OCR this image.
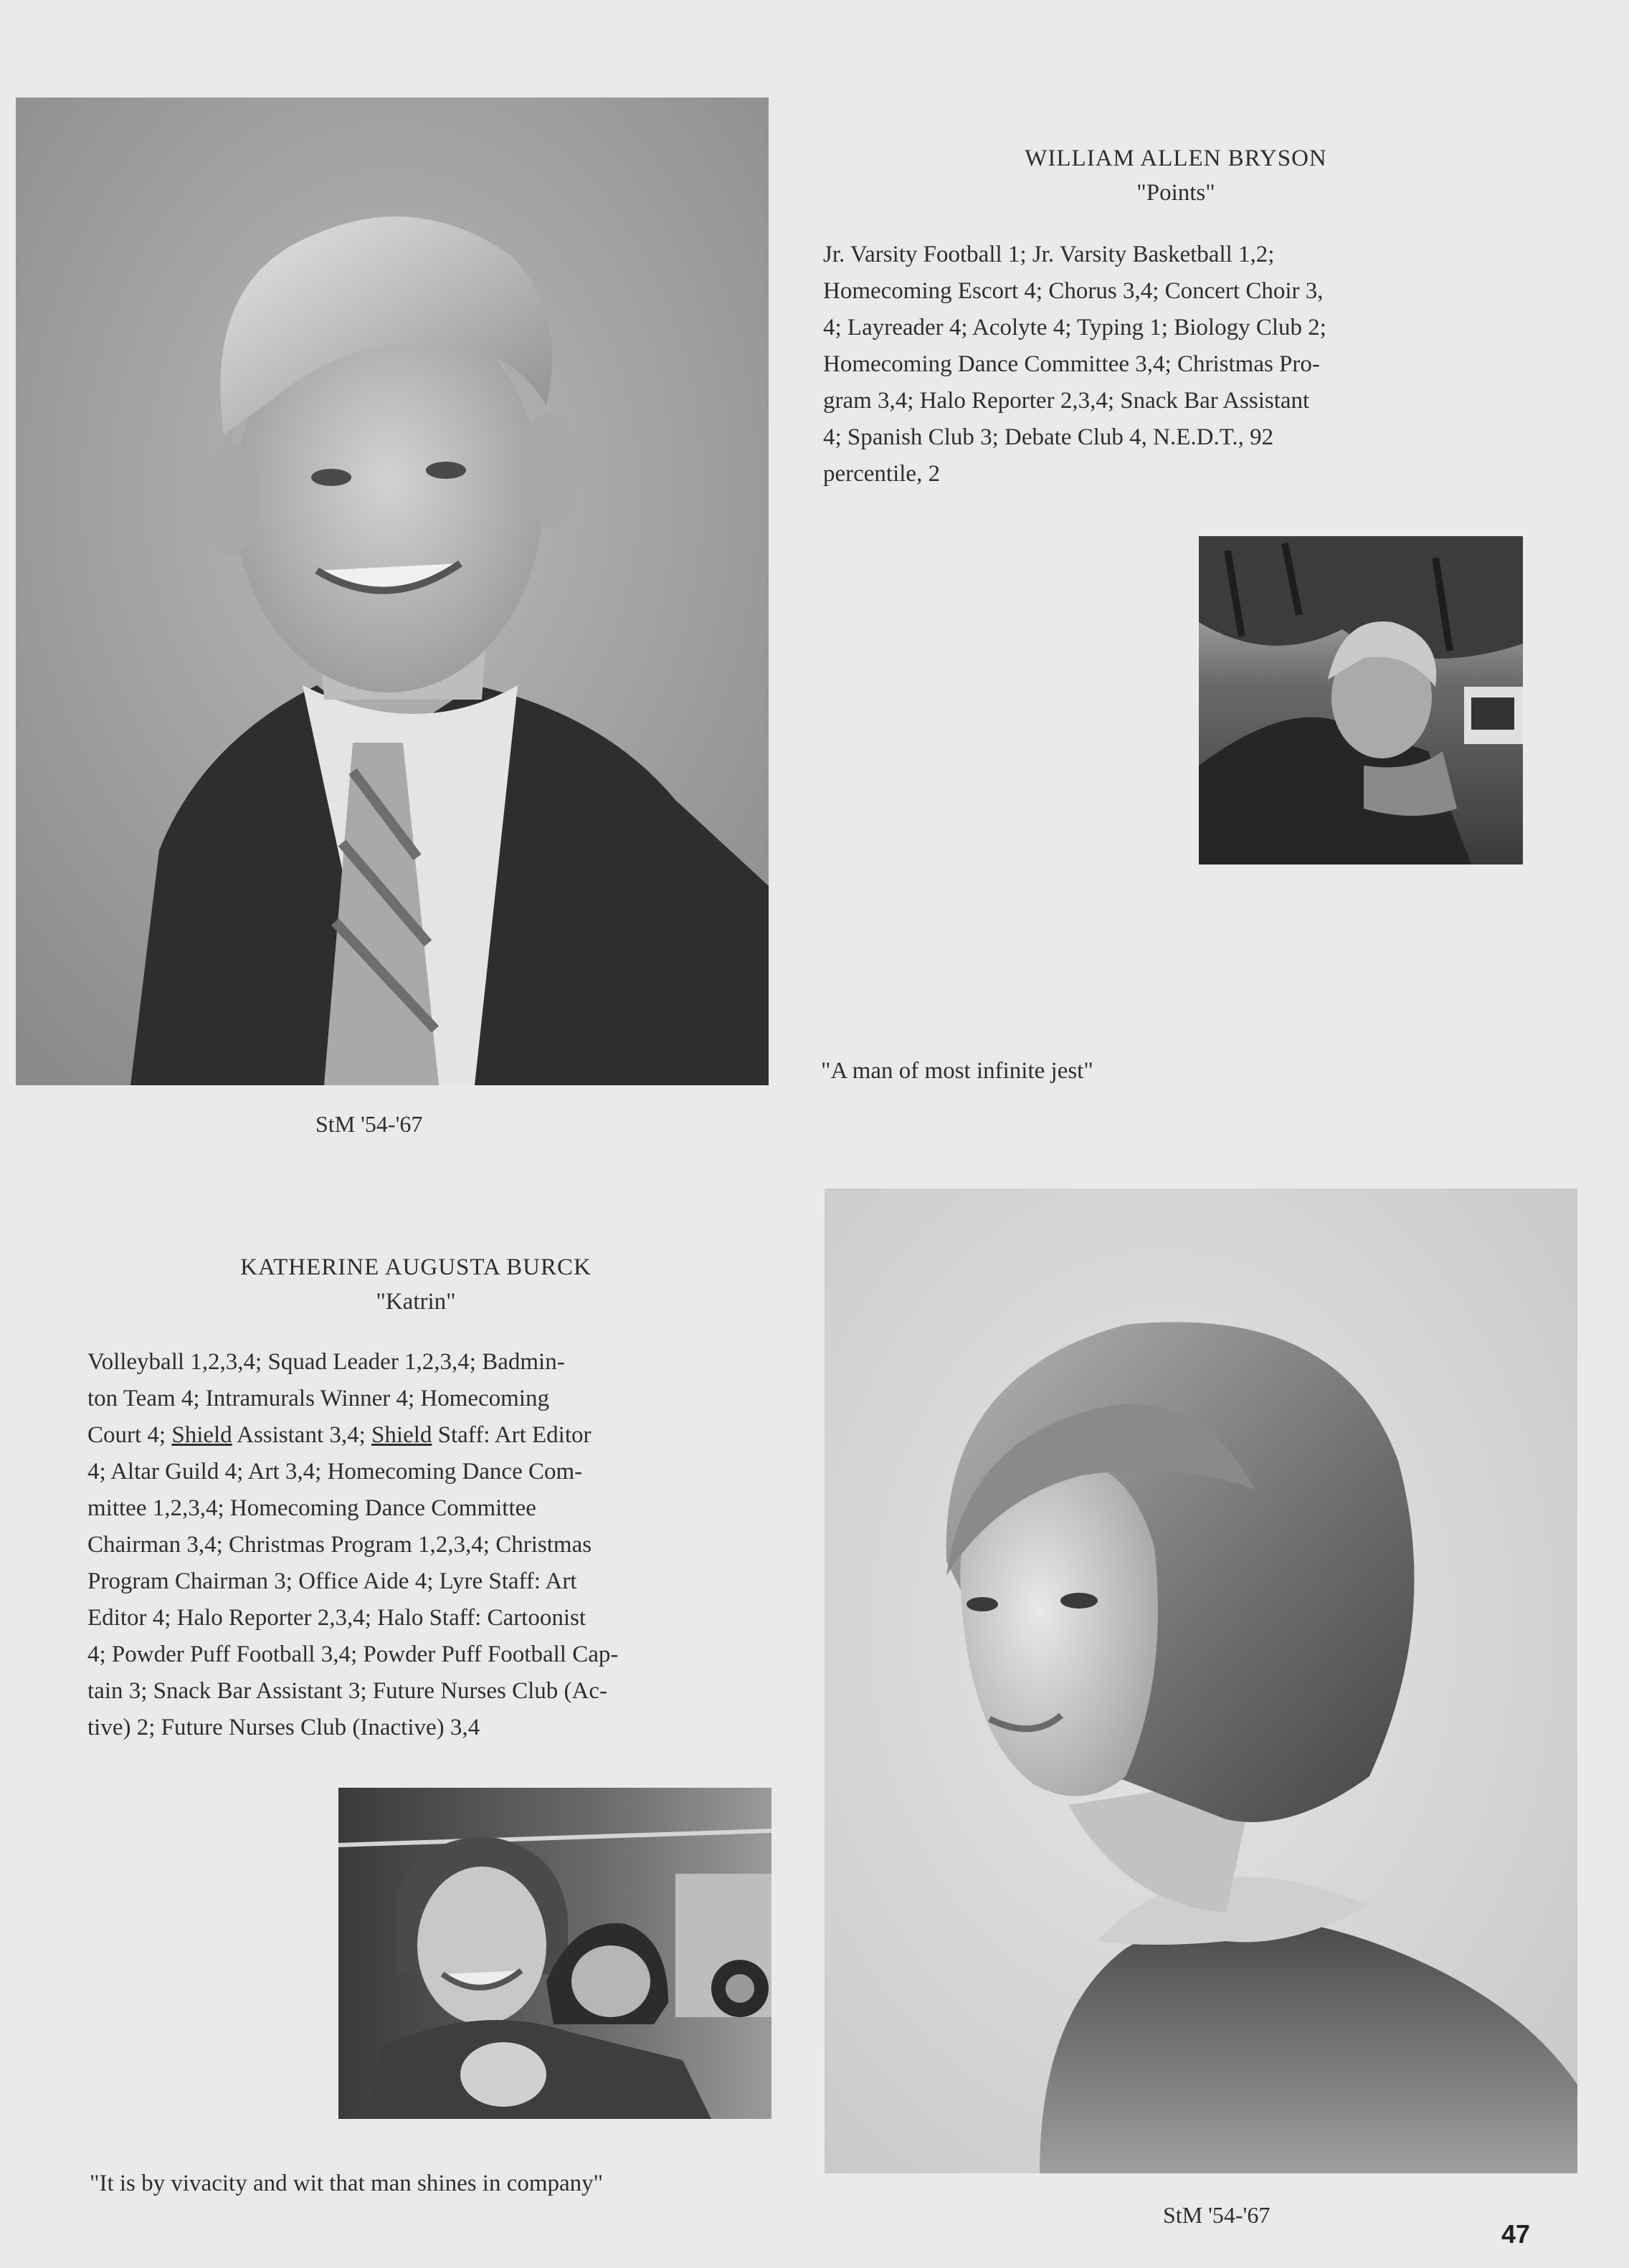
WILLIAM ALLEN BRYSON
"Points"
Jr. Varsity Football 1; Jr. Varsity Basketball 1,2;
Homecoming Escort 4; Chorus 3,4; Concert Choir 3,
4; Layreader 4; Acolyte 4; Typing 1; Biology Club 2;
Homecoming Dance Committee 3,4; Christmas Pro-
gram 3,4; Halo Reporter 2,3,4; Snack Bar Assistant
4; Spanish Club 3; Debate Club 4, N.E.D.T., 92
percentile, 2
"A man of most infinite jest"
StM '54-'67
KATHERINE AUGUSTA BURCK
"Katrin"
Volleyball 1,2,3,4; Squad Leader 1,2,3,4; Badmin-
ton Team 4; Intramurals Winner 4; Homecoming
Court 4; Shield Assistant 3,4; Shield Staff: Art Editor
4; Altar Guild 4; Art 3,4; Homecoming Dance Com-
mittee 1,2,3,4; Homecoming Dance Committee
Chairman 3,4; Christmas Program 1,2,3,4; Christmas
Program Chairman 3; Office Aide 4; Lyre Staff: Art
Editor 4; Halo Reporter 2,3,4; Halo Staff: Cartoonist
4; Powder Puff Football 3,4; Powder Puff Football Cap-
tain 3; Snack Bar Assistant 3; Future Nurses Club (Ac-
tive) 2; Future Nurses Club (Inactive) 3,4
"It is by vivacity and wit that man shines in company"
StM '54-'67
47
